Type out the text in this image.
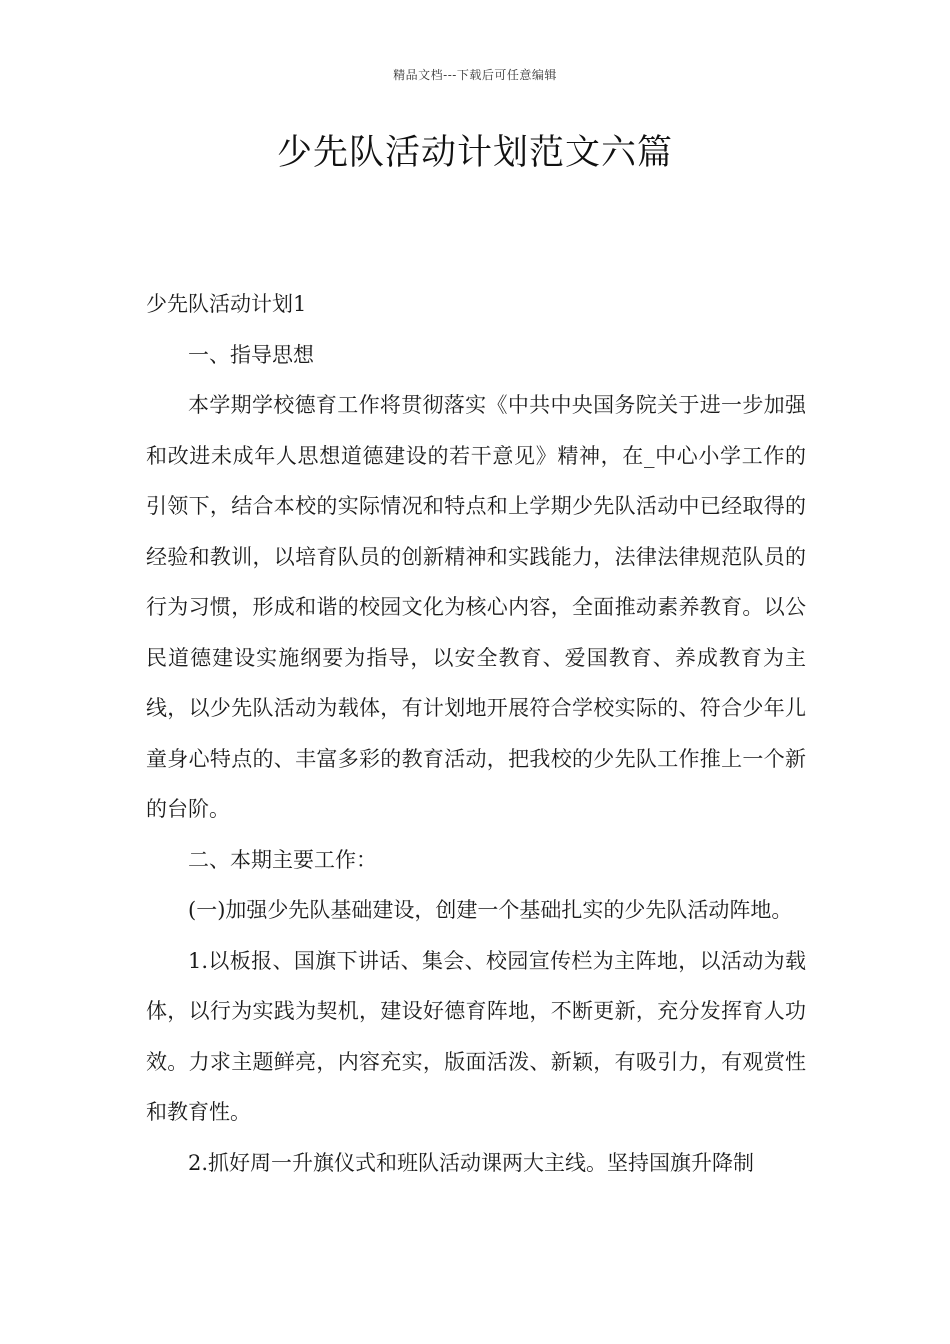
精品文档---下载后可任意编辑
少先队活动计划范文六篇

少先队活动计划1

一、指导思想

本学期学校德育工作将贯彻落实《中共中央国务院关于进一步加强和改进未成年人思想道德建设的若干意见》精神，在_中心小学工作的引领下，结合本校的实际情况和特点和上学期少先队活动中已经取得的经验和教训，以培育队员的创新精神和实践能力，法律法律规范队员的行为习惯，形成和谐的校园文化为核心内容，全面推动素养教育。以公民道德建设实施纲要为指导，以安全教育、爱国教育、养成教育为主线，以少先队活动为载体，有计划地开展符合学校实际的、符合少年儿童身心特点的、丰富多彩的教育活动，把我校的少先队工作推上一个新的台阶。

二、本期主要工作：

(一)加强少先队基础建设，创建一个基础扎实的少先队活动阵地。

1.以板报、国旗下讲话、集会、校园宣传栏为主阵地，以活动为载体，以行为实践为契机，建设好德育阵地，不断更新，充分发挥育人功效。力求主题鲜亮，内容充实，版面活泼、新颖，有吸引力，有观赏性和教育性。

2.抓好周一升旗仪式和班队活动课两大主线。坚持国旗升降制
